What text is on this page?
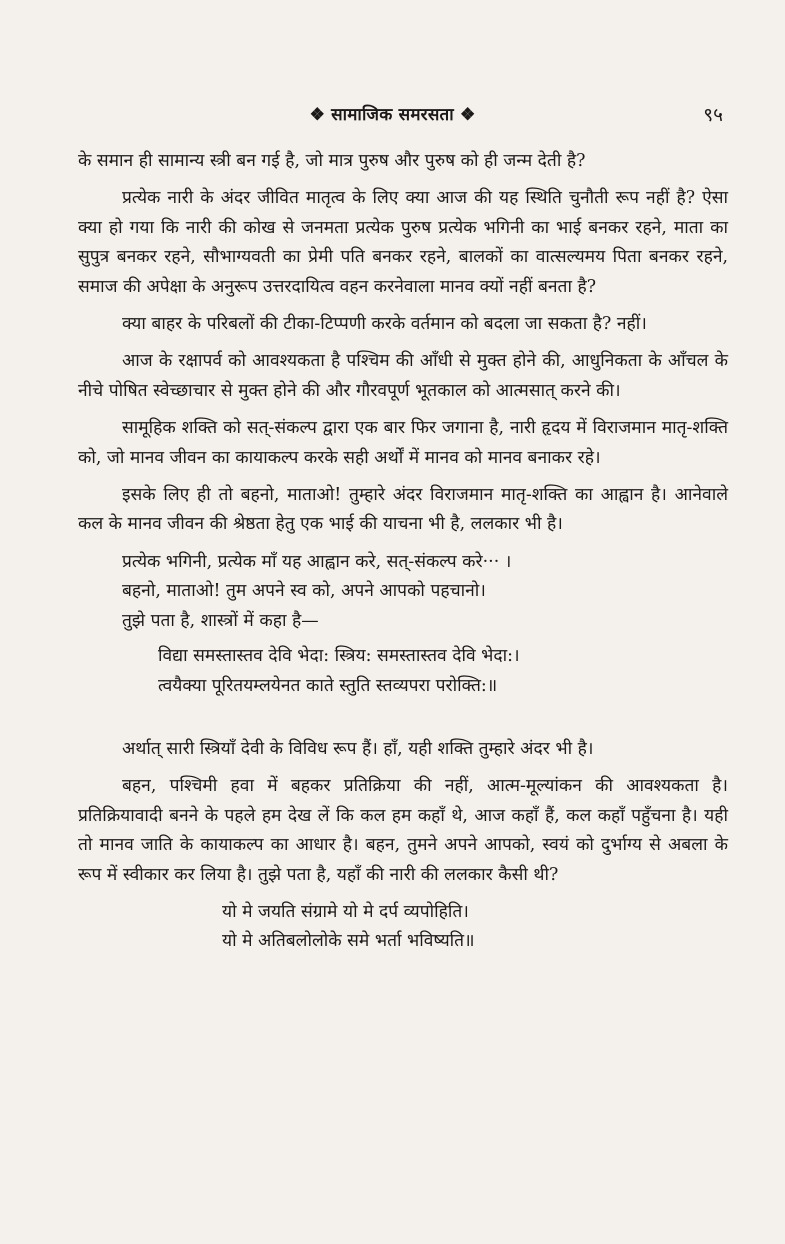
❖ सामाजिक समरसता ❖	९५

के समान ही सामान्य स्त्री बन गई है, जो मात्र पुरुष और पुरुष को ही जन्म देती है?

प्रत्येक नारी के अंदर जीवित मातृत्व के लिए क्या आज की यह स्थिति चुनौती रूप नहीं है? ऐसा क्या हो गया कि नारी की कोख से जनमता प्रत्येक पुरुष प्रत्येक भगिनी का भाई बनकर रहने, माता का सुपुत्र बनकर रहने, सौभाग्यवती का प्रेमी पति बनकर रहने, बालकों का वात्सल्यमय पिता बनकर रहने, समाज की अपेक्षा के अनुरूप उत्तरदायित्व वहन करनेवाला मानव क्यों नहीं बनता है?

क्या बाहर के परिबलों की टीका-टिप्पणी करके वर्तमान को बदला जा सकता है? नहीं।

आज के रक्षापर्व को आवश्यकता है पश्चिम की आँधी से मुक्त होने की, आधुनिकता के आँचल के नीचे पोषित स्वेच्छाचार से मुक्त होने की और गौरवपूर्ण भूतकाल को आत्मसात् करने की।

सामूहिक शक्ति को सत्-संकल्प द्वारा एक बार फिर जगाना है, नारी हृदय में विराजमान मातृ-शक्ति को, जो मानव जीवन का कायाकल्प करके सही अर्थों में मानव को मानव बनाकर रहे।

इसके लिए ही तो बहनो, माताओ! तुम्हारे अंदर विराजमान मातृ-शक्ति का आह्वान है। आनेवाले कल के मानव जीवन की श्रेष्ठता हेतु एक भाई की याचना भी है, ललकार भी है।

प्रत्येक भगिनी, प्रत्येक माँ यह आह्वान करे, सत्-संकल्प करे··· ।

बहनो, माताओ! तुम अपने स्व को, अपने आपको पहचानो।

तुझे पता है, शास्त्रों में कहा है—

विद्या समस्तास्तव देवि भेदा: स्त्रिय: समस्तास्तव देवि भेदा:।
त्वयैक्या पूरितयम्लयेनत काते स्तुति स्तव्यपरा परोक्ति:॥

अर्थात् सारी स्त्रियाँ देवी के विविध रूप हैं। हाँ, यही शक्ति तुम्हारे अंदर भी है।

बहन, पश्चिमी हवा में बहकर प्रतिक्रिया की नहीं, आत्म-मूल्यांकन की आवश्यकता है। प्रतिक्रियावादी बनने के पहले हम देख लें कि कल हम कहाँ थे, आज कहाँ हैं, कल कहाँ पहुँचना है। यही तो मानव जाति के कायाकल्प का आधार है। बहन, तुमने अपने आपको, स्वयं को दुर्भाग्य से अबला के रूप में स्वीकार कर लिया है। तुझे पता है, यहाँ की नारी की ललकार कैसी थी?

यो मे जयति संग्रामे यो मे दर्प व्यपोहिति।
यो मे अतिबलोलोके समे भर्ता भविष्यति॥
